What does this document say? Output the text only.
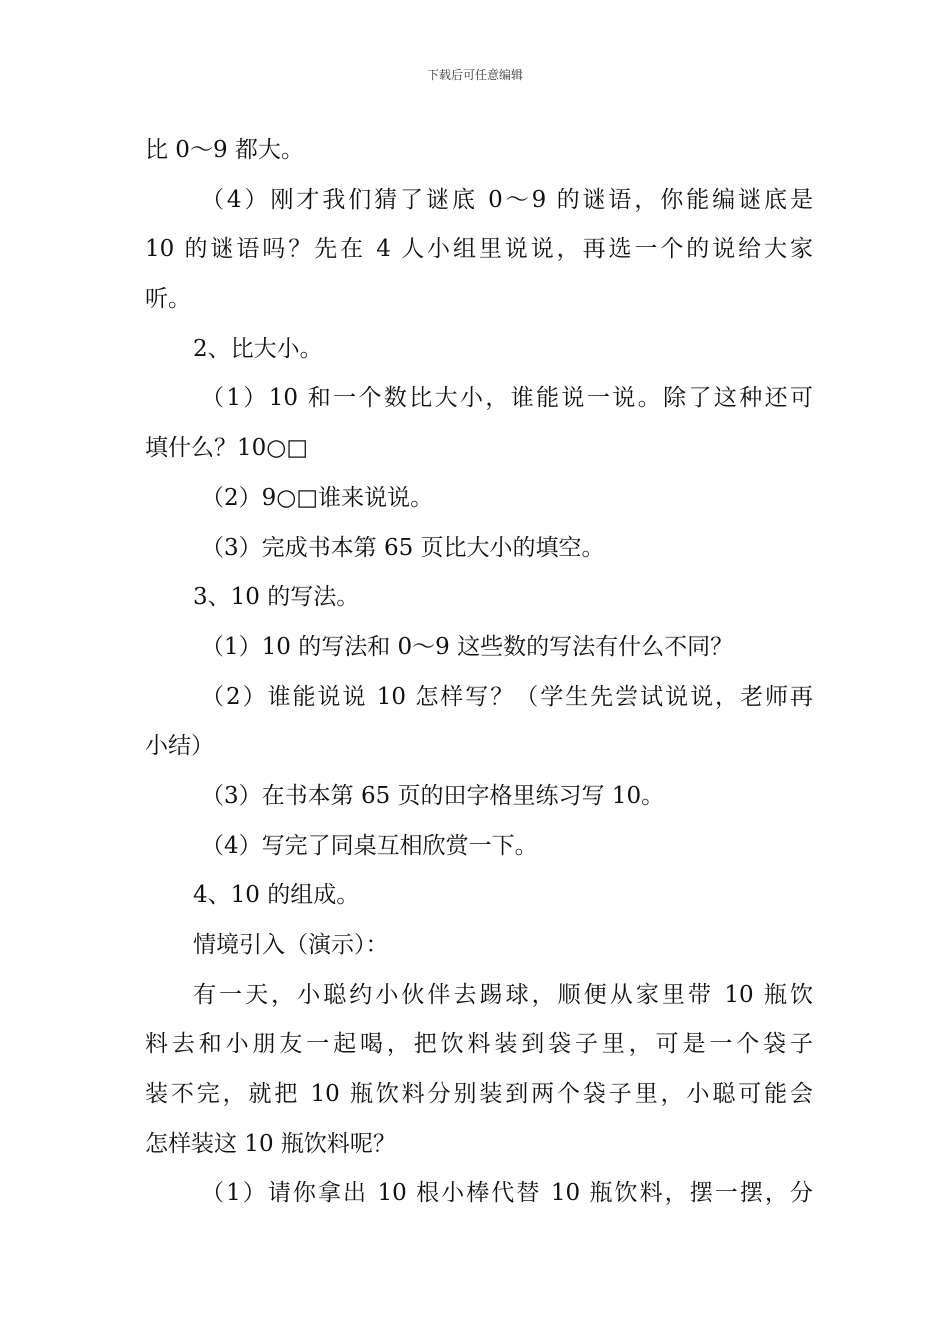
下载后可任意编辑
比 0～9 都大。
（4）刚才我们猜了谜底 0～9 的谜语，你能编谜底是
10 的谜语吗？先在 4 人小组里说说，再选一个的说给大家
听。
2、比大小。
（1）10 和一个数比大小，谁能说一说。除了这种还可
填什么？10○□
（2）9○□谁来说说。
（3）完成书本第 65 页比大小的填空。
3、10 的写法。
（1）10 的写法和 0～9 这些数的写法有什么不同？
（2）谁能说说 10 怎样写？（学生先尝试说说，老师再
小结）
（3）在书本第 65 页的田字格里练习写 10。
（4）写完了同桌互相欣赏一下。
4、10 的组成。
情境引入（演示）：
有一天，小聪约小伙伴去踢球，顺便从家里带 10 瓶饮
料去和小朋友一起喝，把饮料装到袋子里，可是一个袋子
装不完，就把 10 瓶饮料分别装到两个袋子里，小聪可能会
怎样装这 10 瓶饮料呢？
（1）请你拿出 10 根小棒代替 10 瓶饮料，摆一摆，分
